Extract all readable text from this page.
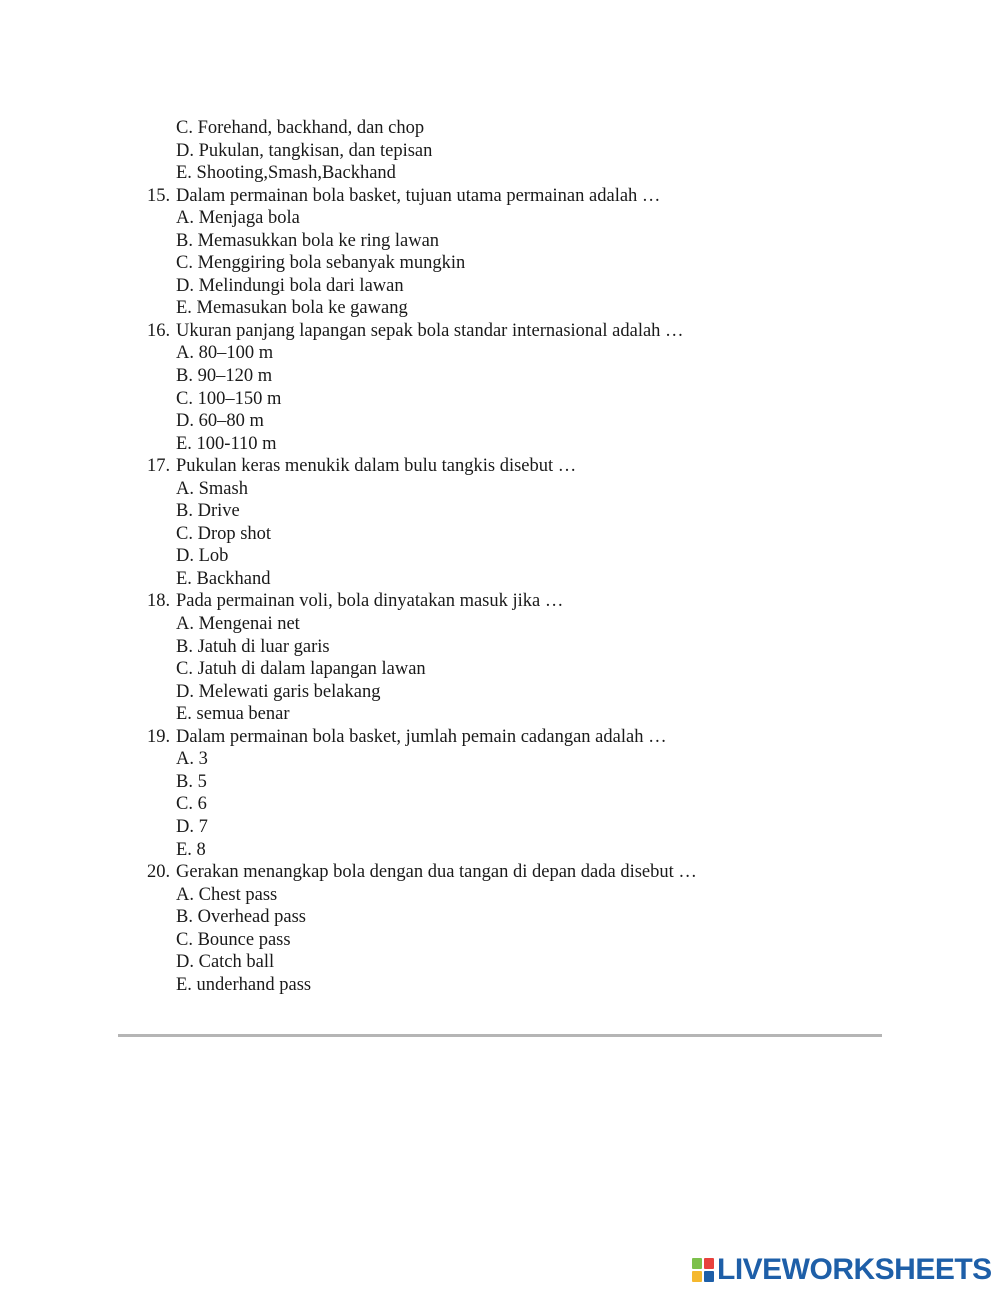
C. Forehand, backhand, dan chop
D. Pukulan, tangkisan, dan tepisan
E. Shooting,Smash,Backhand
15. Dalam permainan bola basket, tujuan utama permainan adalah …
A. Menjaga bola
B. Memasukkan bola ke ring lawan
C. Menggiring bola sebanyak mungkin
D. Melindungi bola dari lawan
E. Memasukan bola ke gawang
16. Ukuran panjang lapangan sepak bola standar internasional adalah …
A. 80–100 m
B. 90–120 m
C. 100–150 m
D. 60–80 m
E. 100-110 m
17. Pukulan keras menukik dalam bulu tangkis disebut …
A. Smash
B. Drive
C. Drop shot
D. Lob
E. Backhand
18. Pada permainan voli, bola dinyatakan masuk jika …
A. Mengenai net
B. Jatuh di luar garis
C. Jatuh di dalam lapangan lawan
D. Melewati garis belakang
E. semua benar
19. Dalam permainan bola basket, jumlah pemain cadangan adalah …
A. 3
B. 5
C. 6
D. 7
E. 8
20. Gerakan menangkap bola dengan dua tangan di depan dada disebut …
A. Chest pass
B. Overhead pass
C. Bounce pass
D. Catch ball
E. underhand pass
LIVEWORKSHEETS
